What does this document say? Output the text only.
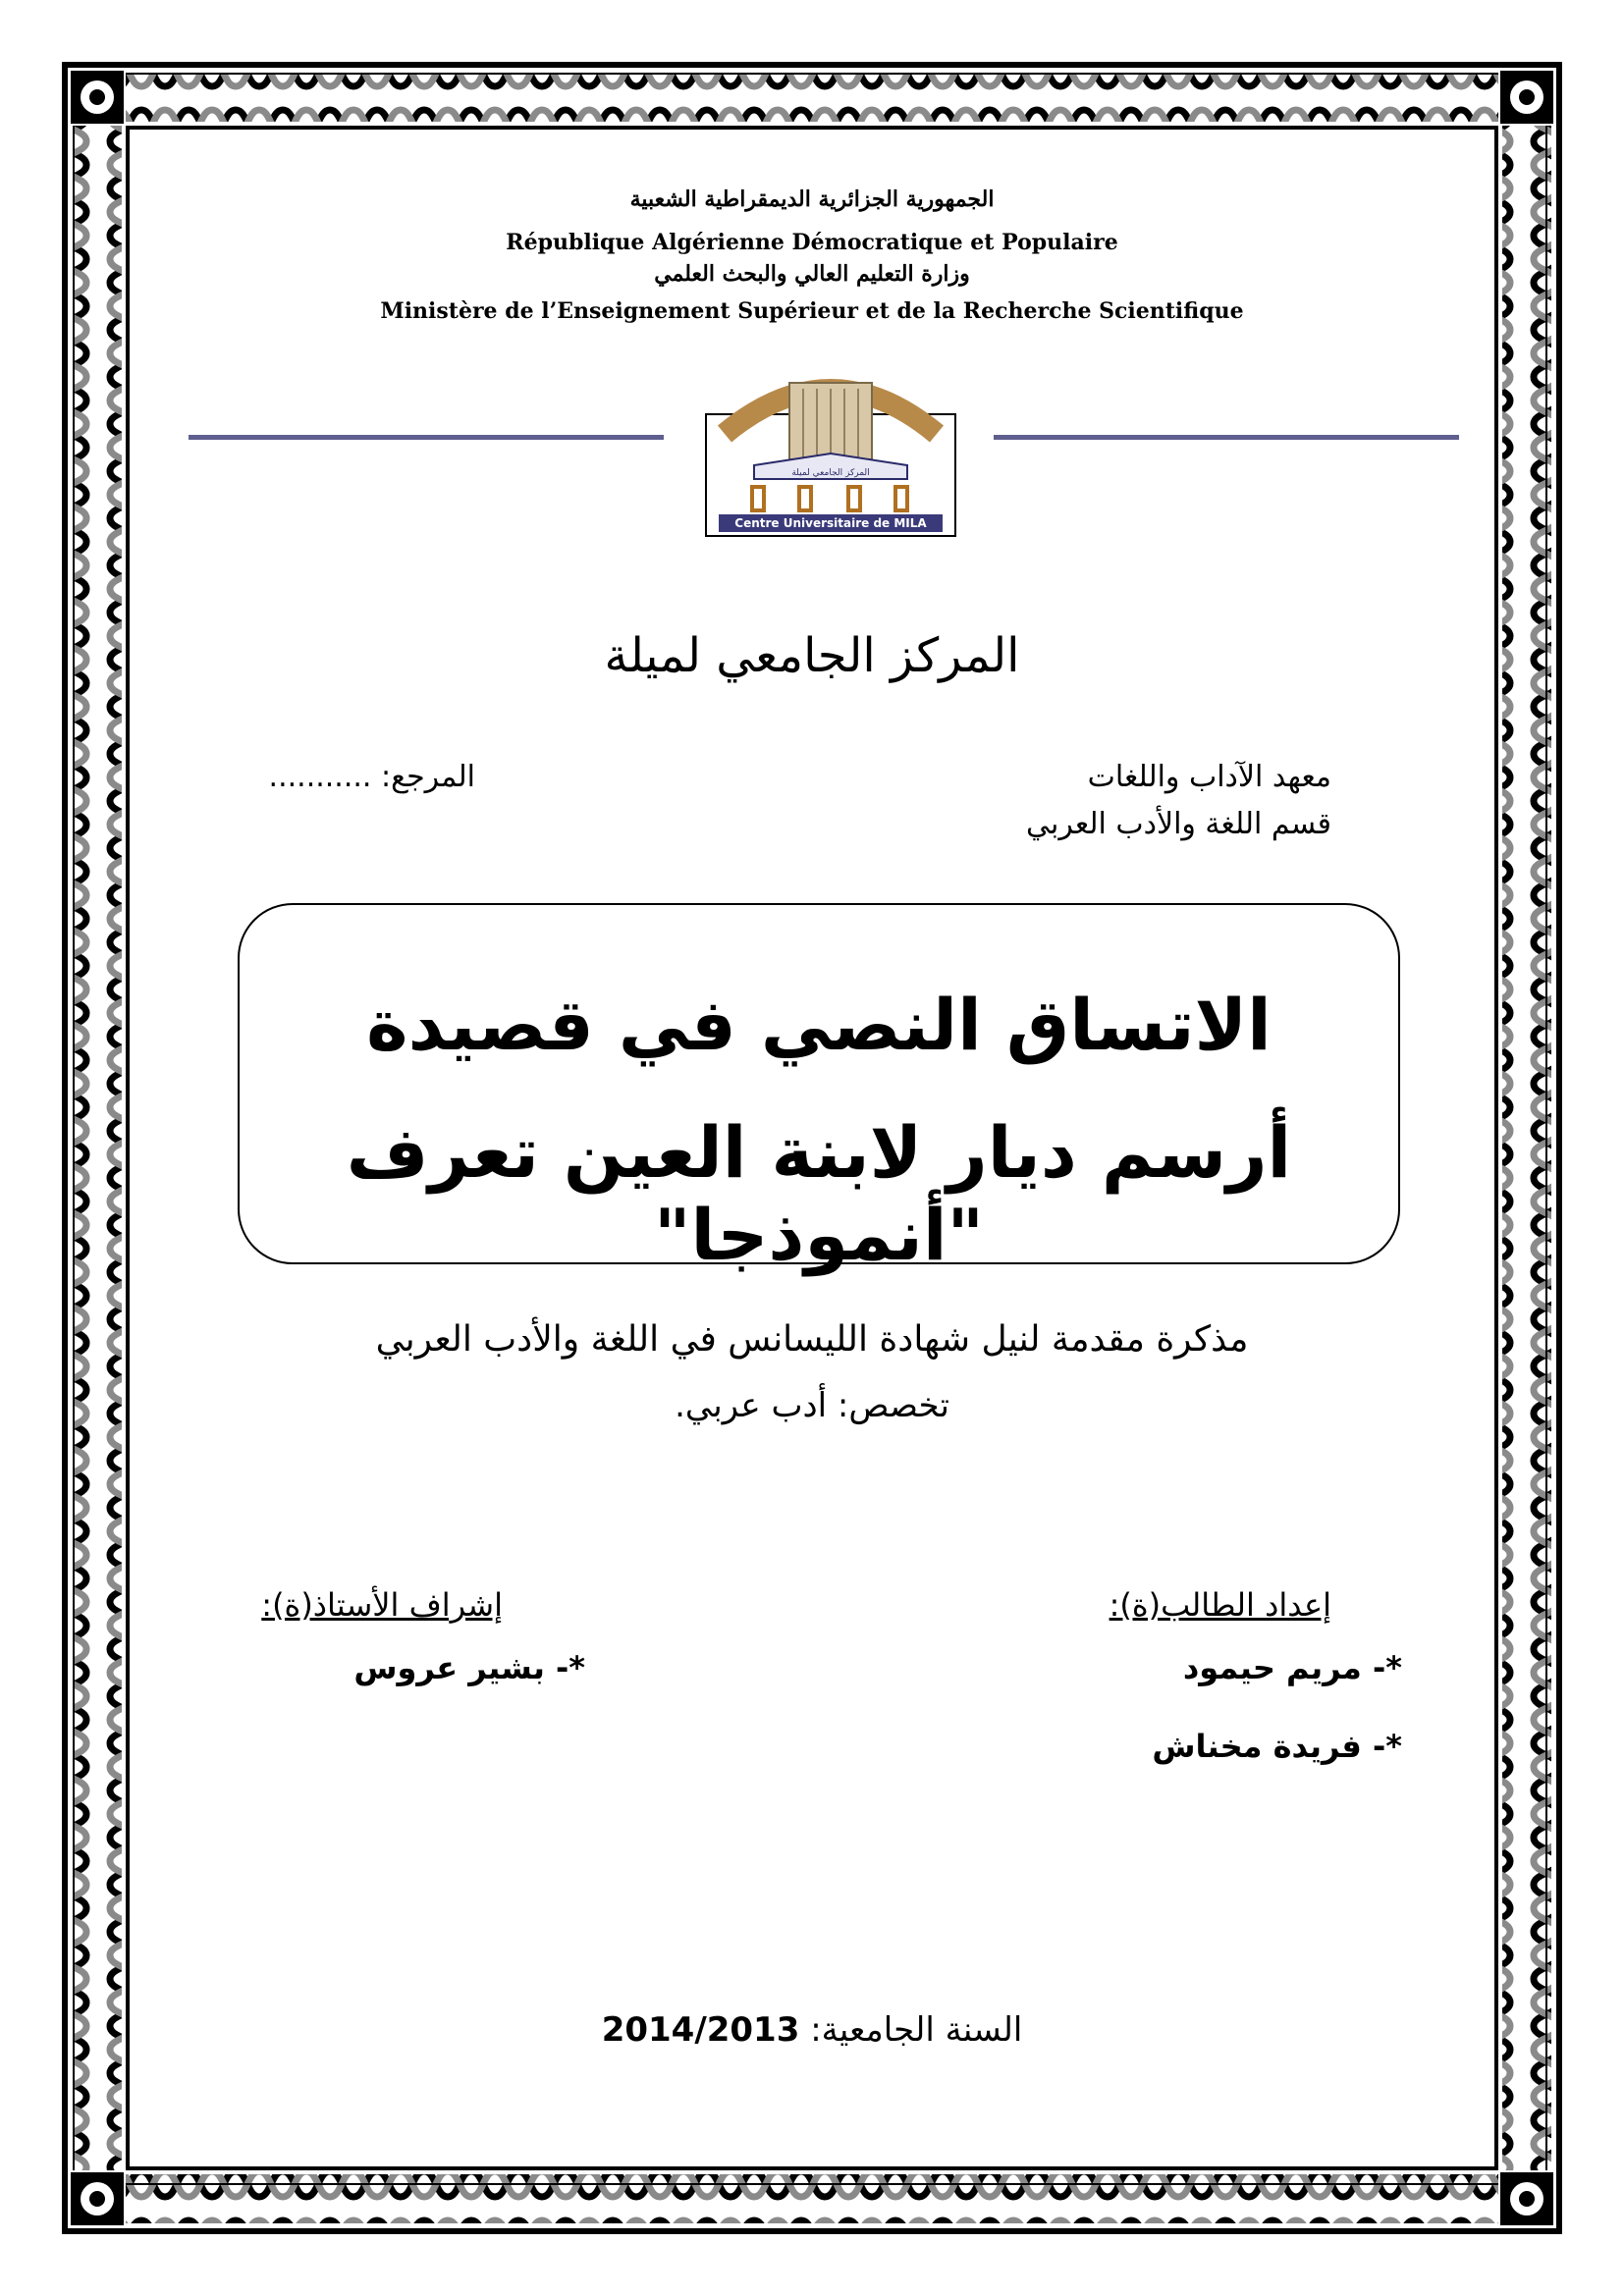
الجمهورية الجزائرية الديمقراطية الشعبية
République Algérienne Démocratique et Populaire
وزارة التعليم العالي والبحث العلمي
Ministère de l’Enseignement Supérieur et de la Recherche Scientifique
المركز الجامعي لميلة
Centre Universitaire de MILA
المركز الجامعي لميلة
معهد الآداب واللغات
قسم اللغة والأدب العربي
المرجع: ...........
الاتساق النصي في قصيدة
أرسم ديار لابنة العين تعرف "أنموذجا"
مذكرة مقدمة لنيل شهادة الليسانس في اللغة والأدب العربي
تخصص: أدب عربي.
إعداد الطالب(ة):
*- مريم حيمود
*- فريدة مخناش
إشراف الأستاذ(ة):
*- بشير عروس
السنة الجامعية: 2014/2013
